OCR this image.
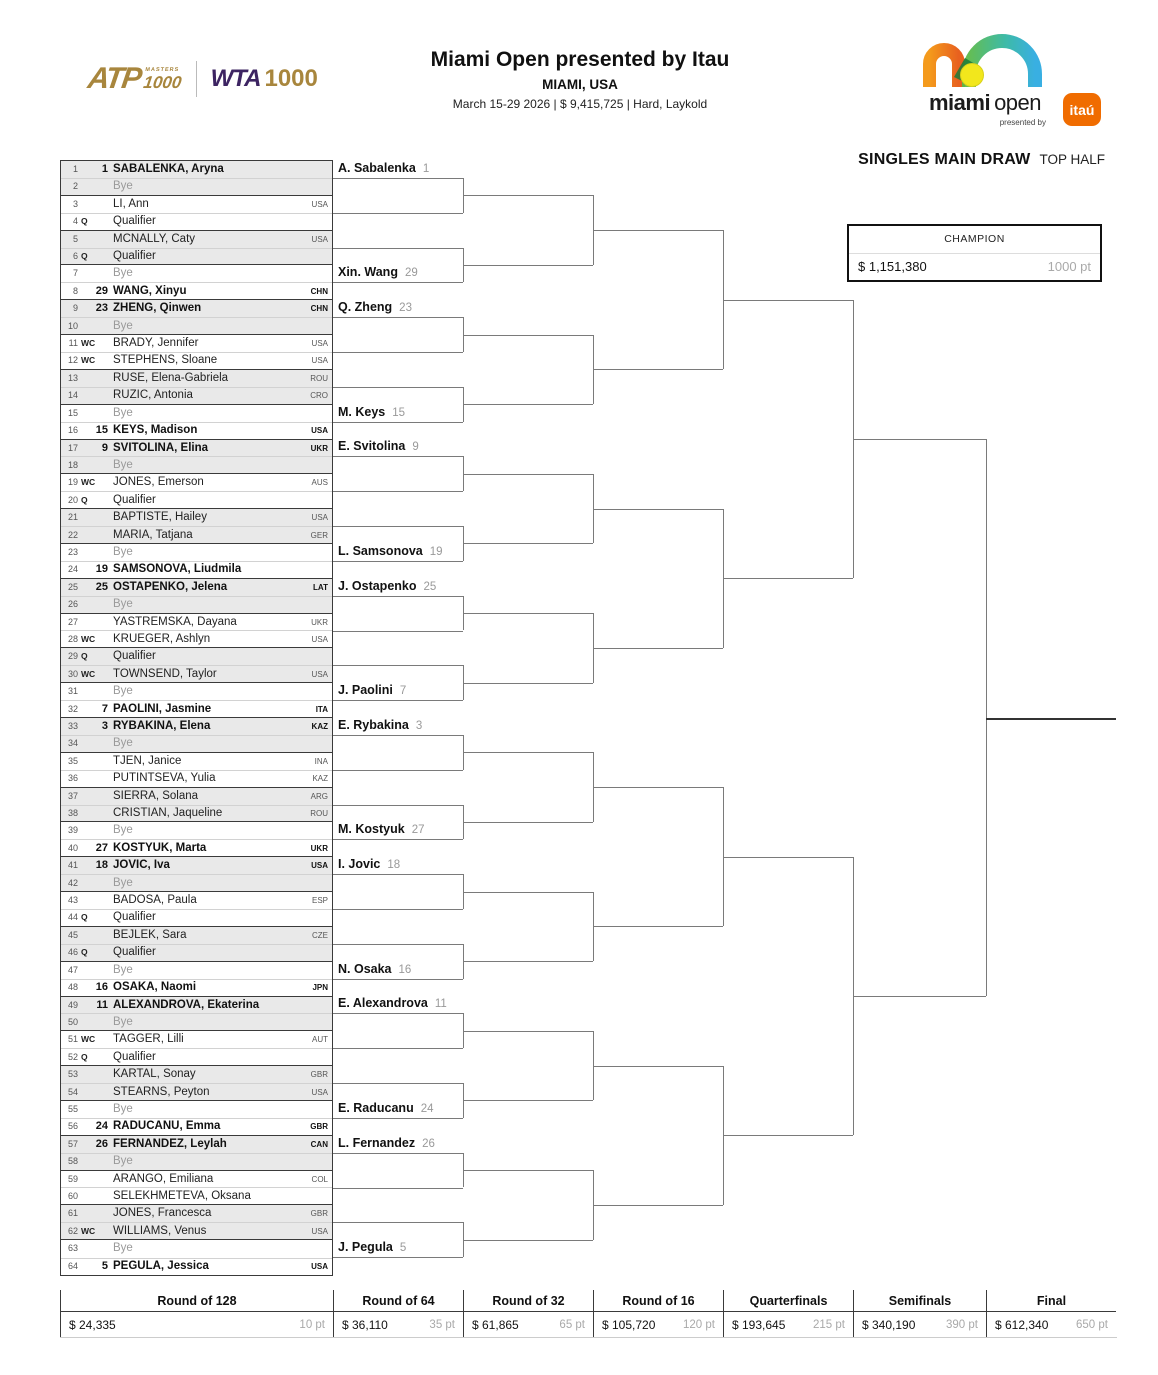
ATP MASTERS
1000 WTA 1000
Miami Open presented by Itau
MIAMI, USA
March 15-29 2026 | $ 9,415,725 | Hard, Laykold	miami open
presented by
itaú
SINGLES MAIN DRAW TOP HALF
CHAMPION
$ 1,151,380	1000 pt
1	1 SABALENKA, Aryna
2	Bye
3	LI, Ann	USA
4 Q	Qualifier
5	MCNALLY, Caty	USA
6 Q	Qualifier
7	Bye
8	29 WANG, Xinyu	CHN
9	23 ZHENG, Qinwen	CHN
10	Bye
11 WC	BRADY, Jennifer	USA
12 WC	STEPHENS, Sloane	USA
13	RUSE, Elena-Gabriela	ROU
14	RUZIC, Antonia	CRO
15	Bye
16	15 KEYS, Madison	USA
17	9 SVITOLINA, Elina	UKR
18	Bye
19 WC	JONES, Emerson	AUS
20 Q	Qualifier
21	BAPTISTE, Hailey	USA
22	MARIA, Tatjana	GER
23	Bye
24	19 SAMSONOVA, Liudmila
25	25 OSTAPENKO, Jelena	LAT
26	Bye
27	YASTREMSKA, Dayana	UKR
28 WC	KRUEGER, Ashlyn	USA
29 Q	Qualifier
30 WC	TOWNSEND, Taylor	USA
31	Bye
32	7 PAOLINI, Jasmine	ITA
33	3 RYBAKINA, Elena	KAZ
34	Bye
35	TJEN, Janice	INA
36	PUTINTSEVA, Yulia	KAZ
37	SIERRA, Solana	ARG
38	CRISTIAN, Jaqueline	ROU
39	Bye
40	27 KOSTYUK, Marta	UKR
41	18 JOVIC, Iva	USA
42	Bye
43	BADOSA, Paula	ESP
44 Q	Qualifier
45	BEJLEK, Sara	CZE
46 Q	Qualifier
47	Bye
48	16 OSAKA, Naomi	JPN
49	11 ALEXANDROVA, Ekaterina
50	Bye
51 WC	TAGGER, Lilli	AUT
52 Q	Qualifier
53	KARTAL, Sonay	GBR
54	STEARNS, Peyton	USA
55	Bye
56	24 RADUCANU, Emma	GBR
57	26 FERNANDEZ, Leylah	CAN
58	Bye
59	ARANGO, Emiliana	COL
60	SELEKHMETEVA, Oksana
61	JONES, Francesca	GBR
62 WC	WILLIAMS, Venus	USA
63	Bye
64	5 PEGULA, Jessica	USA
A. Sabalenka 1
Xin. Wang 29
Q. Zheng 23
M. Keys 15
E. Svitolina 9
L. Samsonova 19
J. Ostapenko 25
J. Paolini 7
E. Rybakina 3
M. Kostyuk 27
I. Jovic 18
N. Osaka 16
E. Alexandrova 11
E. Raducanu 24
L. Fernandez 26
J. Pegula 5
Round of 128
$ 24,335	10 pt
Round of 64
$ 36,110	35 pt
Round of 32
$ 61,865	65 pt
Round of 16
$ 105,720 120 pt
Quarterfinals
$ 193,645 215 pt
Semifinals
$ 340,190	390 pt
Final
$ 612,340 650 pt
